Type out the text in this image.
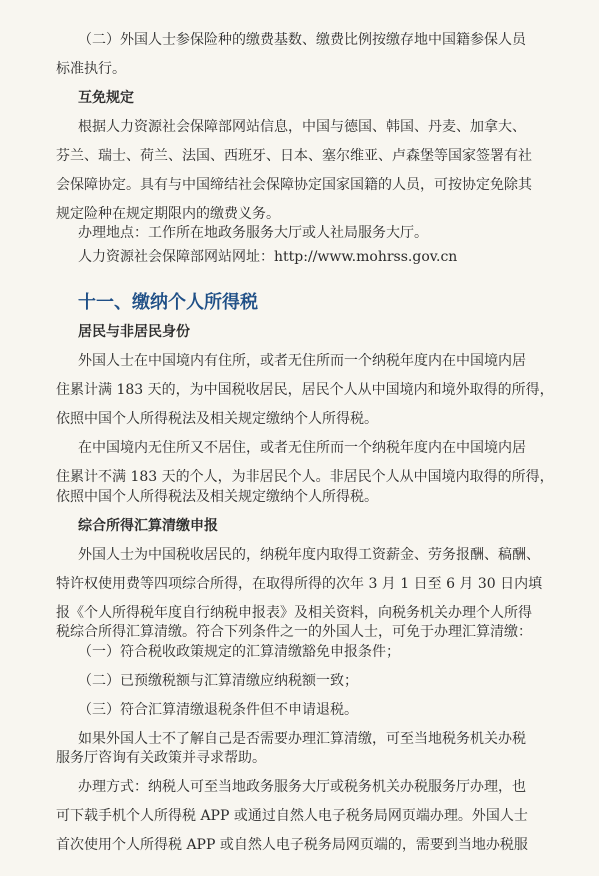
（二）外国人士参保险种的缴费基数、缴费比例按缴存地中国籍参保人员
标准执行。
互免规定
根据人力资源社会保障部网站信息，中国与德国、韩国、丹麦、加拿大、
芬兰、瑞士、荷兰、法国、西班牙、日本、塞尔维亚、卢森堡等国家签署有社
会保障协定。具有与中国缔结社会保障协定国家国籍的人员，可按协定免除其
规定险种在规定期限内的缴费义务。
办理地点：工作所在地政务服务大厅或人社局服务大厅。
人力资源社会保障部网站网址：http://www.mohrss.gov.cn
十一、缴纳个人所得税
居民与非居民身份
外国人士在中国境内有住所，或者无住所而一个纳税年度内在中国境内居
住累计满 183 天的，为中国税收居民，居民个人从中国境内和境外取得的所得，
依照中国个人所得税法及相关规定缴纳个人所得税。
在中国境内无住所又不居住，或者无住所而一个纳税年度内在中国境内居
住累计不满 183 天的个人，为非居民个人。非居民个人从中国境内取得的所得，
依照中国个人所得税法及相关规定缴纳个人所得税。
综合所得汇算清缴申报
外国人士为中国税收居民的，纳税年度内取得工资薪金、劳务报酬、稿酬、
特许权使用费等四项综合所得，在取得所得的次年 3 月 1 日至 6 月 30 日内填
报《个人所得税年度自行纳税申报表》及相关资料，向税务机关办理个人所得
税综合所得汇算清缴。符合下列条件之一的外国人士，可免于办理汇算清缴：
（一）符合税收政策规定的汇算清缴豁免申报条件；
（二）已预缴税额与汇算清缴应纳税额一致；
（三）符合汇算清缴退税条件但不申请退税。
如果外国人士不了解自己是否需要办理汇算清缴，可至当地税务机关办税
服务厅咨询有关政策并寻求帮助。
办理方式：纳税人可至当地政务服务大厅或税务机关办税服务厅办理，也
可下载手机个人所得税 APP 或通过自然人电子税务局网页端办理。外国人士
首次使用个人所得税 APP 或自然人电子税务局网页端的，需要到当地办税服
